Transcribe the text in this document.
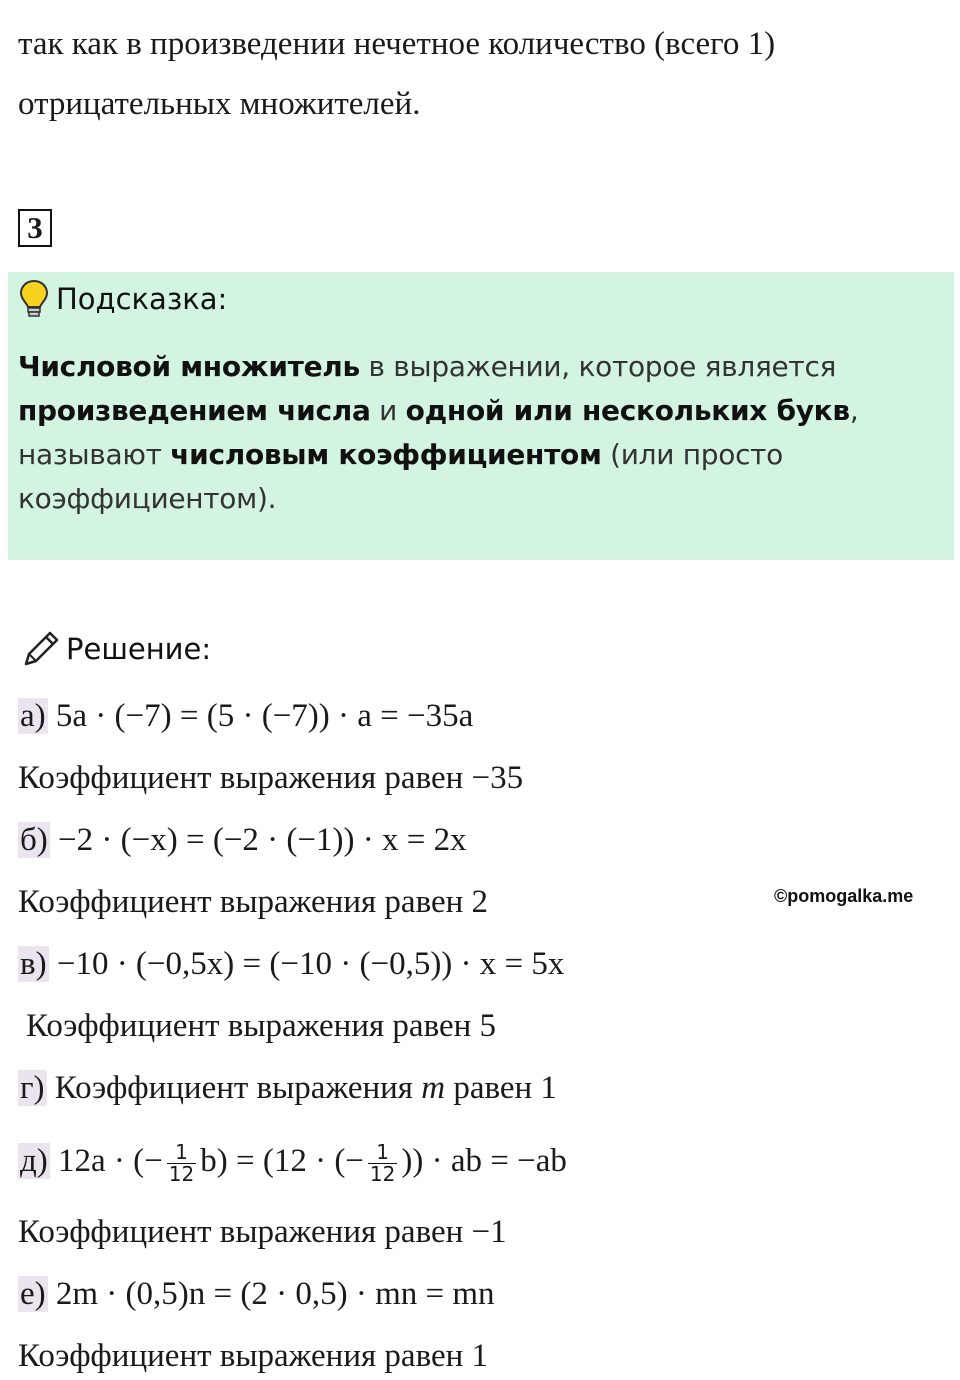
так как в произведении нечетное количество (всего 1)
отрицательных множителей.
3
Подсказка:
Числовой множитель в выражении, которое является
произведением числа и одной или нескольких букв,
называют числовым коэффициентом (или просто
коэффициентом).
Решение:
а) 5a · (−7) = (5 · (−7)) · a = −35a
Коэффициент выражения равен −35
б) −2 · (−x) = (−2 · (−1)) · x = 2x
Коэффициент выражения равен 2	©pomogalka.me
в) −10 · (−0,5x) = (−10 · (−0,5)) · x = 5x
Коэффициент выражения равен 5
г) Коэффициент выражения m равен 1
д) 12a · (− $\frac{1}{12} b) = (12$ · (− $\frac{1}{12}$ )) · ab = −ab
Коэффициент выражения равен −1
е) 2m · (0,5)n = (2 · 0,5) · mn = mn
Коэффициент выражения равен 1
